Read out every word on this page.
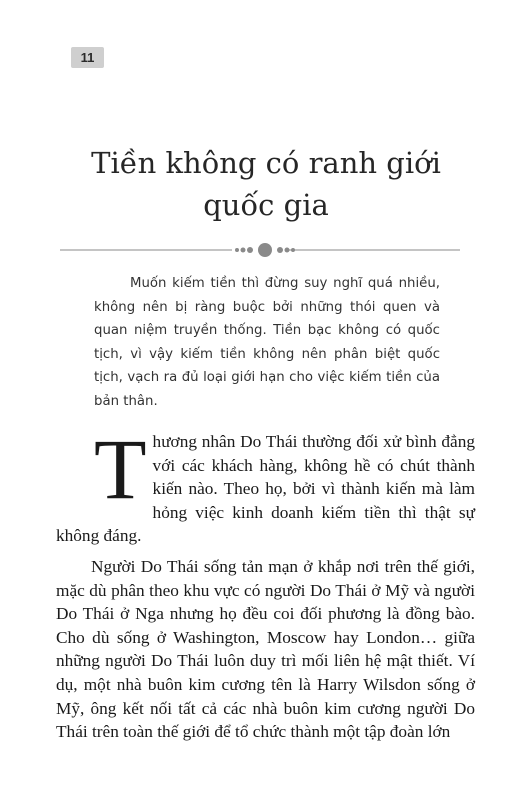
11
Tiền không có ranh giới
quốc gia

Muốn kiếm tiền thì đừng suy nghĩ quá nhiều, không nên bị ràng buộc bởi những thói quen và quan niệm truyền thống. Tiền bạc không có quốc tịch, vì vậy kiếm tiền không nên phân biệt quốc tịch, vạch ra đủ loại giới hạn cho việc kiếm tiền của bản thân.

Thương nhân Do Thái thường đối xử bình đẳng với các khách hàng, không hề có chút thành kiến nào. Theo họ, bởi vì thành kiến mà làm hỏng việc kinh doanh kiếm tiền thì thật sự không đáng.

Người Do Thái sống tản mạn ở khắp nơi trên thế giới, mặc dù phân theo khu vực có người Do Thái ở Mỹ và người Do Thái ở Nga nhưng họ đều coi đối phương là đồng bào. Cho dù sống ở Washington, Moscow hay London… giữa những người Do Thái luôn duy trì mối liên hệ mật thiết. Ví dụ, một nhà buôn kim cương tên là Harry Wilsdon sống ở Mỹ, ông kết nối tất cả các nhà buôn kim cương người Do Thái trên toàn thế giới để tổ chức thành một tập đoàn lớn
